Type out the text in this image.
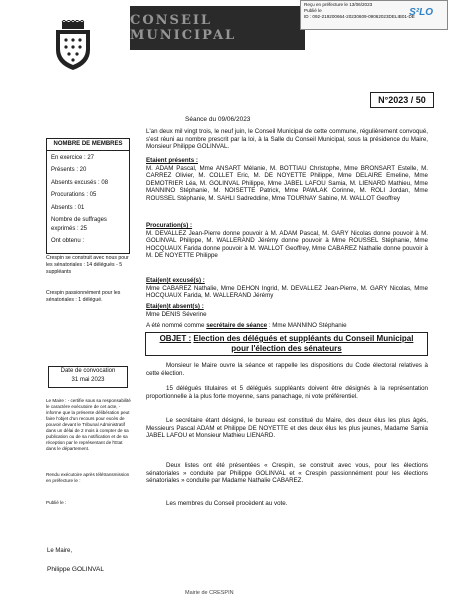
CONSEIL MUNICIPAL
Reçu en préfecture le 13/06/2023
Publié le
ID : 092-219200664-20230609-09062023DELIB01-DE
S²LO
N°2023 / 50
Séance du 09/06/2023
NOMBRE DE MEMBRES
En exercice : 27
Présents : 20
Absents excusés : 08
Procurations : 05
Absents : 01
Nombre de suffrages exprimés : 25
Ont obtenu :
Crespin se construit avec nous pour les sénatoriales : 14 délégués - 5 suppléants
Crespin passionnément pour les sénatoriales : 1 délégué.
Date de convocation
31 mai 2023
Le Maire : - certifie sous sa responsabilité le caractère exécutoire de cet acte, - informe que la présente délibération peut faire l'objet d'un recours pour excès de pouvoir devant le Tribunal Administratif dans un délai de 2 mois à compter de sa publication ou de sa notification et de sa réception par le représentant de l'Etat dans le département.
Rendu exécutoire après télétransmission en préfecture le :
Publié le :
Le Maire,
Philippe GOLINVAL
L'an deux mil vingt trois, le neuf juin, le Conseil Municipal de cette commune, régulièrement convoqué, s'est réuni au nombre prescrit par la loi, à la Salle du Conseil Municipal, sous la présidence du Maire, Monsieur Philippe GOLINVAL.

Etaient présents :

M. ADAM Pascal, Mme ANSART Mélanie, M. BOTTIAU Christophe, Mme BRONSART Estelle, M. CARREZ Olivier, M. COLLET Eric, M. DE NOYETTE Philippe, Mme DELAIRE Emeline, Mme DEMOTRIER Léa, M. GOLINVAL Philippe, Mme JABEL LAFOU Samia, M. LIENARD Mathieu, Mme MANNINO Stéphanie, M. NOISETTE Patrick, Mme PAWLAK Corinne, M. ROLI Jordan, Mme ROUSSEL Stéphanie, M. SAHLI Sadreddine, Mme TOURNAY Sabine, M. WALLOT Geoffrey

Procuration(s) :

M. DEVALLEZ Jean-Pierre donne pouvoir à M. ADAM Pascal, M. GARY Nicolas donne pouvoir à M. GOLINVAL Philippe, M. WALLERAND Jérémy donne pouvoir à Mme ROUSSEL Stéphanie, Mme HOCQUAUX Farida donne pouvoir à M. WALLOT Geoffrey, Mme CABAREZ Nathalie donne pouvoir à M. DE NOYETTE Philippe

Etai(en)t excusé(s) :

Mme CABAREZ Nathalie, Mme DEHON Ingrid, M. DEVALLEZ Jean-Pierre, M. GARY Nicolas, Mme HOCQUAUX Farida, M. WALLERAND Jérémy

Etai(en)t absent(s) :

Mme DENIS Séverine

A été nommé comme secrétaire de séance : Mme MANNINO Stéphanie
OBJET : Election des délégués et suppléants du Conseil Municipal pour l'élection des sénateurs
Monsieur le Maire ouvre la séance et rappelle les dispositions du Code électoral relatives à cette élection.
15 délégués titulaires et 5 délégués suppléants doivent être désignés à la représentation proportionnelle à la plus forte moyenne, sans panachage, ni vote préférentiel.
Le secrétaire étant désigné, le bureau est constitué du Maire, des deux élus les plus âgés, Messieurs Pascal ADAM et Philippe DE NOYETTE et des deux élus les plus jeunes, Madame Samia JABEL LAFOU et Monsieur Mathieu LIENARD.
Deux listes ont été présentées « Crespin, se construit avec vous, pour les élections sénatoriales » conduite par Philippe GOLINVAL et « Crespin passionnément pour les élections sénatoriales » conduite par Madame Nathalie CABAREZ.
Les membres du Conseil procèdent au vote.
Mairie de CRESPIN
